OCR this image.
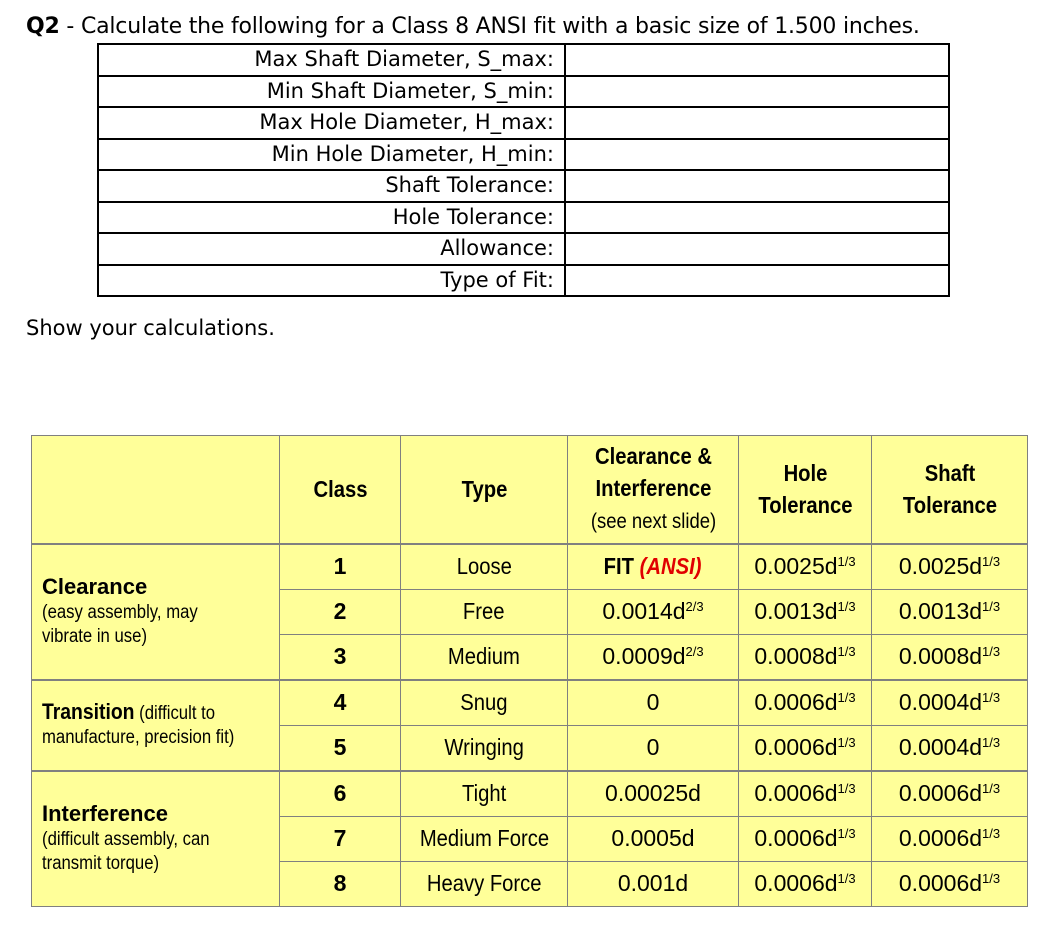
Q2 - Calculate the following for a Class 8 ANSI fit with a basic size of 1.500 inches.
Max Shaft Diameter, S_max:	
Min Shaft Diameter, S_min:	
Max Hole Diameter, H_max:	
Min Hole Diameter, H_min:	
Shaft Tolerance:	
Hole Tolerance:	
Allowance:	
Type of Fit:	
Show your calculations.
	Class	Type	Clearance &
Interference
(see next slide)	Hole
Tolerance	Shaft
Tolerance
Clearance
(easy assembly, may vibrate in use)	1	Loose	FIT (ANSI)	$0.0025d^{1/3}$	$0.0025d^{1/3}$
	2	Free	$0.0014d^{2/3}$	$0.0013d^{1/3}$	$0.0013d^{1/3}$
	3	Medium	$0.0009d^{2/3}$	$0.0008d^{1/3}$	$0.0008d^{1/3}$
Transition (difficult to manufacture, precision fit)	4	Snug	0	$0.0006d^{1/3}$	$0.0004d^{1/3}$
	5	Wringing	0	$0.0006d^{1/3}$	$0.0004d^{1/3}$
Interference
(difficult assembly, can transmit torque)	6	Tight	0.00025d	$0.0006d^{1/3}$	$0.0006d^{1/3}$
	7	Medium Force	0.0005d	$0.0006d^{1/3}$	$0.0006d^{1/3}$
	8	Heavy Force	0.001d	$0.0006d^{1/3}$	$0.0006d^{1/3}$
